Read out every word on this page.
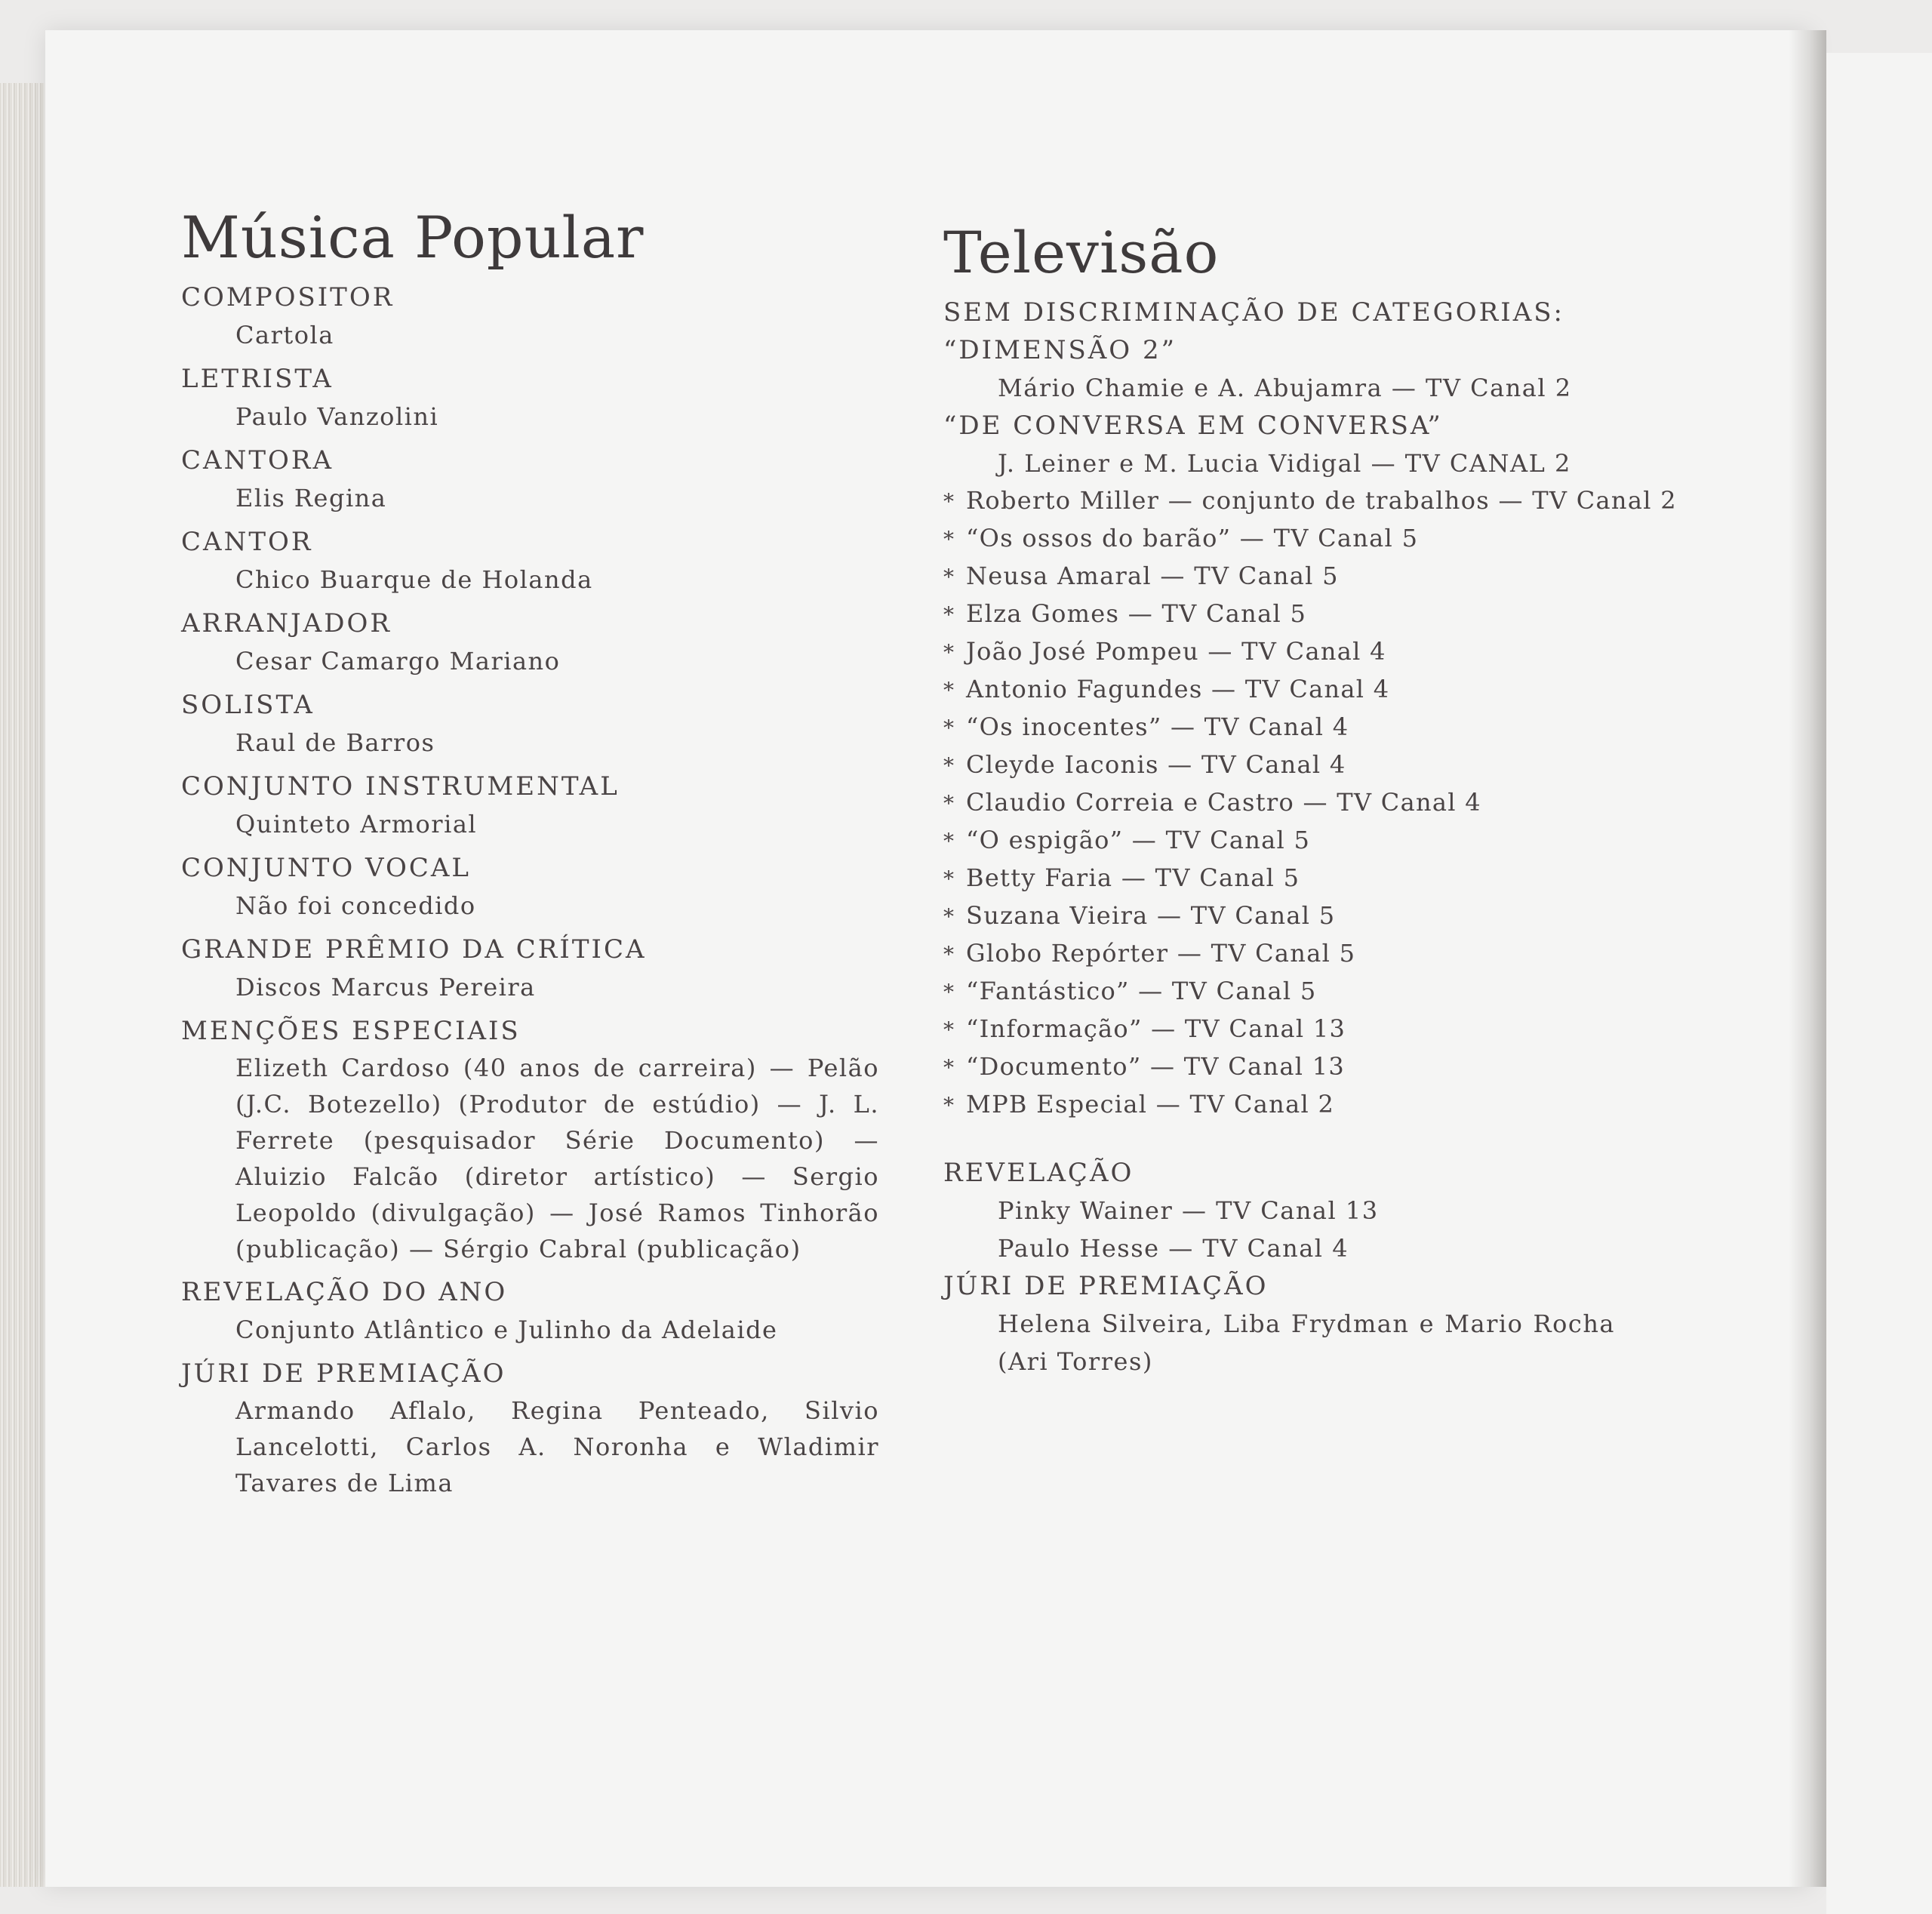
Música Popular
COMPOSITOR
Cartola
LETRISTA
Paulo Vanzolini
CANTORA
Elis Regina
CANTOR
Chico Buarque de Holanda
ARRANJADOR
Cesar Camargo Mariano
SOLISTA
Raul de Barros
CONJUNTO INSTRUMENTAL
Quinteto Armorial
CONJUNTO VOCAL
Não foi concedido
GRANDE PRÊMIO DA CRÍTICA
Discos Marcus Pereira
MENÇÕES ESPECIAIS
Elizeth Cardoso (40 anos de carreira) — Pelão (J.C. Botezello) (Produtor de estúdio) — J. L. Ferrete (pesquisador Série Documento) — Aluizio Falcão (diretor artístico) — Sergio Leopoldo (divulgação) — José Ramos Tinhorão (publicação) — Sérgio Cabral (publicação)
REVELAÇÃO DO ANO
Conjunto Atlântico e Julinho da Adelaide
JÚRI DE PREMIAÇÃO
Armando Aflalo, Regina Penteado, Silvio Lancelotti, Carlos A. Noronha e Wladimir Tavares de Lima
Televisão
SEM DISCRIMINAÇÃO DE CATEGORIAS:
“DIMENSÃO 2”
Mário Chamie e A. Abujamra — TV Canal 2
“DE CONVERSA EM CONVERSA”
J. Leiner e M. Lucia Vidigal — TV CANAL 2
* Roberto Miller — conjunto de trabalhos — TV Canal 2
* “Os ossos do barão” — TV Canal 5
* Neusa Amaral — TV Canal 5
* Elza Gomes — TV Canal 5
* João José Pompeu — TV Canal 4
* Antonio Fagundes — TV Canal 4
* “Os inocentes” — TV Canal 4
* Cleyde Iaconis — TV Canal 4
* Claudio Correia e Castro — TV Canal 4
* “O espigão” — TV Canal 5
* Betty Faria — TV Canal 5
* Suzana Vieira — TV Canal 5
* Globo Repórter — TV Canal 5
* “Fantástico” — TV Canal 5
* “Informação” — TV Canal 13
* “Documento” — TV Canal 13
* MPB Especial — TV Canal 2
REVELAÇÃO
Pinky Wainer — TV Canal 13
Paulo Hesse — TV Canal 4
JÚRI DE PREMIAÇÃO
Helena Silveira, Liba Frydman e Mario Rocha (Ari Torres)
